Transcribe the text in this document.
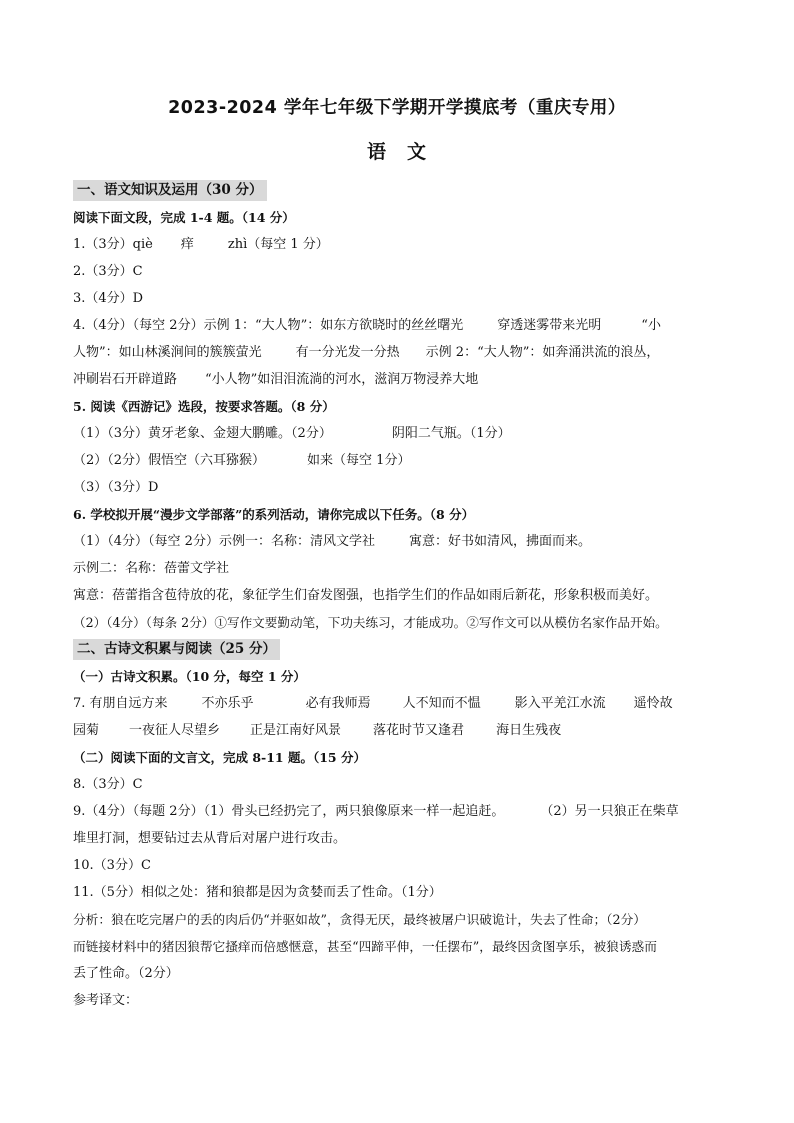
2023-2024 学年七年级下学期开学摸底考（重庆专用）
语　文
一、语文知识及运用（30 分）
阅读下面文段，完成 1-4 题。（14 分）
1.（3分）qiè 痒	zhì（每空 1 分）
2.（3分）C
3.（4分）D
4.（4分）（每空 2分）示例 1：“大人物”：如东方欲晓时的丝丝曙光	穿透迷雾带来光明	“小
人物”：如山林溪涧间的簇簇萤光	有一分光发一分热 示例 2：“大人物”：如奔涌洪流的浪丛，
冲刷岩石开辟道路 “小人物”如泪泪流淌的河水，滋润万物浸养大地
5. 阅读《西游记》选段，按要求答题。（8 分）
（1）（3分）黄牙老象、金翅大鹏雕。（2分）	阴阳二气瓶。（1分）
（2）（2分）假悟空（六耳猕猴）	如来（每空 1分）
（3）（3分）D
6. 学校拟开展“漫步文学部落”的系列活动，请你完成以下任务。（8 分）
（1）（4分）（每空 2分）示例一：名称：清风文学社	寓意：好书如清风，拂面而来。
示例二：名称：蓓蕾文学社
寓意：蓓蕾指含苞待放的花，象征学生们奋发图强，也指学生们的作品如雨后新花，形象积极而美好。
（2）（4分）（每条 2分）①写作文要勤动笔，下功夫练习，才能成功。②写作文可以从模仿名家作品开始。
二、古诗文积累与阅读（25 分）
（一）古诗文积累。（10 分，每空 1 分）
7. 有朋自远方来	不亦乐乎	必有我师焉 人不知而不愠	影入平羌江水流 遥怜故
园菊 一夜征人尽望乡 正是江南好风景 落花时节又逢君 海日生残夜
（二）阅读下面的文言文，完成 8-11 题。（15 分）
8.（3分）C
9.（4分）（每题 2分）（1）骨头已经扔完了，两只狼像原来一样一起追赶。	（2）另一只狼正在柴草
堆里打洞，想要钻过去从背后对屠户进行攻击。
10.（3分）C
11.（5分）相似之处：猪和狼都是因为贪婪而丢了性命。（1分）
分析：狼在吃完屠户的丢的肉后仍“并驱如故”，贪得无厌，最终被屠户识破诡计，失去了性命；（2分）
而链接材料中的猪因狼帮它搔痒而倍感惬意，甚至“四蹄平伸，一任摆布”，最终因贪图享乐，被狼诱惑而
丢了性命。（2分）
参考译文：
